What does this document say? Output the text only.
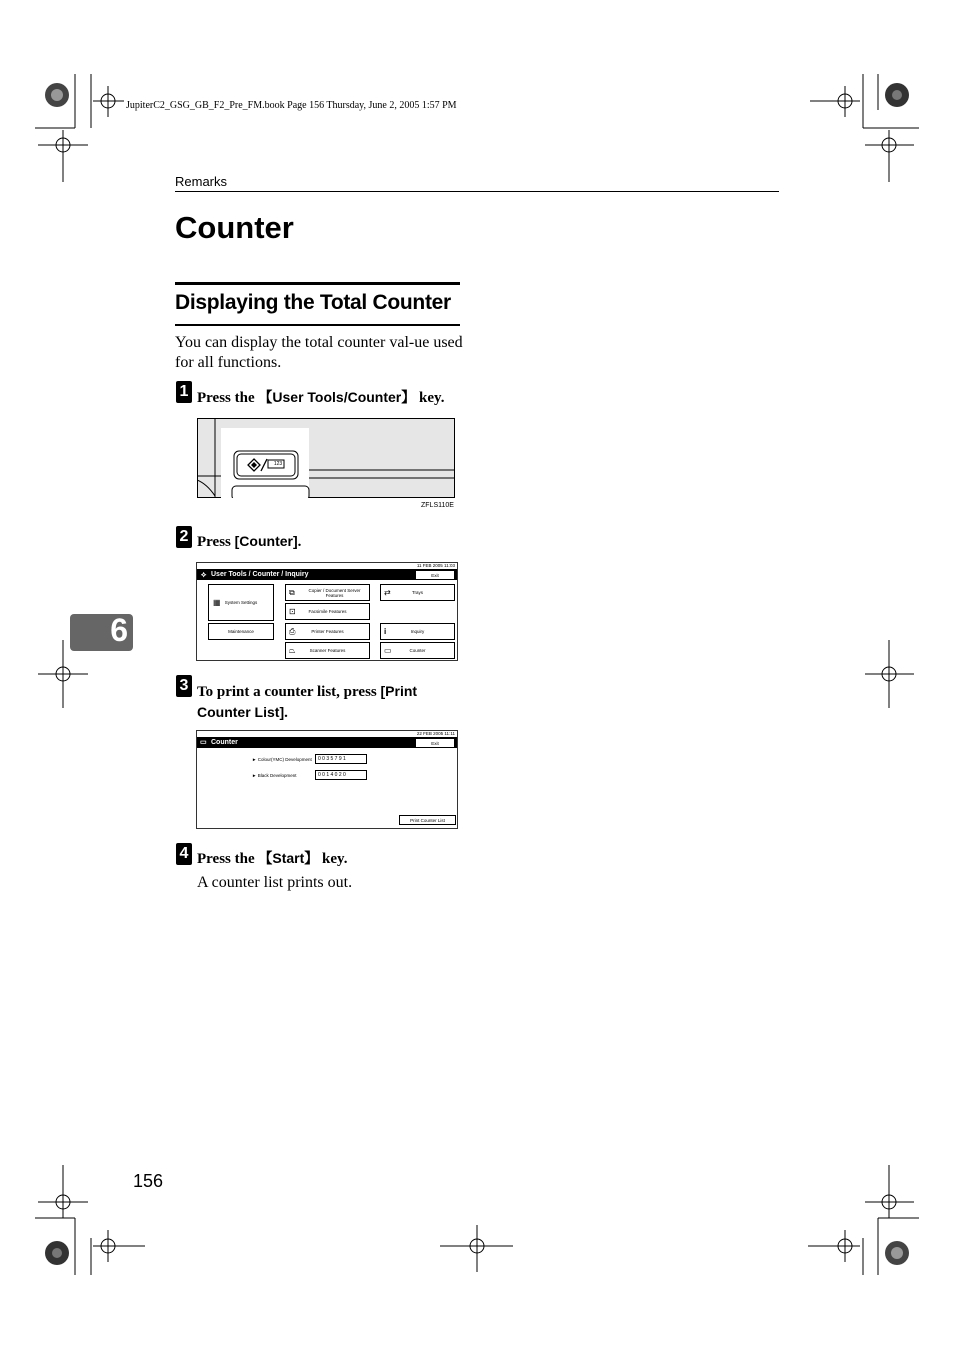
JupiterC2_GSG_GB_F2_Pre_FM.book Page 156 Thursday, June 2, 2005 1:57 PM
Remarks
6
Counter
Displaying the Total Counter
You can display the total counter val-ue used for all functions.
1 Press the 【User Tools/Counter】 key.
123
ZFLS110E
2 Press [Counter].
11 FEB 2005 11:03
⟡ User Tools / Counter / Inquiry	Exit
▦ System Settings
Maintenance
⧉	Copier / Document Server Features
⊡	Facsimile Features
⎙	Printer Features
⏢	Scanner Features
⇄	Trays
i	Inquiry
▭	Counter
3 To print a counter list, press [Print Counter List].
22 FEB 2005 11:11
▭ Counter	Exit
► Colour(YMC) Development	0 0 3 5 7 9 1
► Black Development	0 0 1 4 0 2 0
Print Counter List
4 Press the 【Start】 key.
A counter list prints out.
156
